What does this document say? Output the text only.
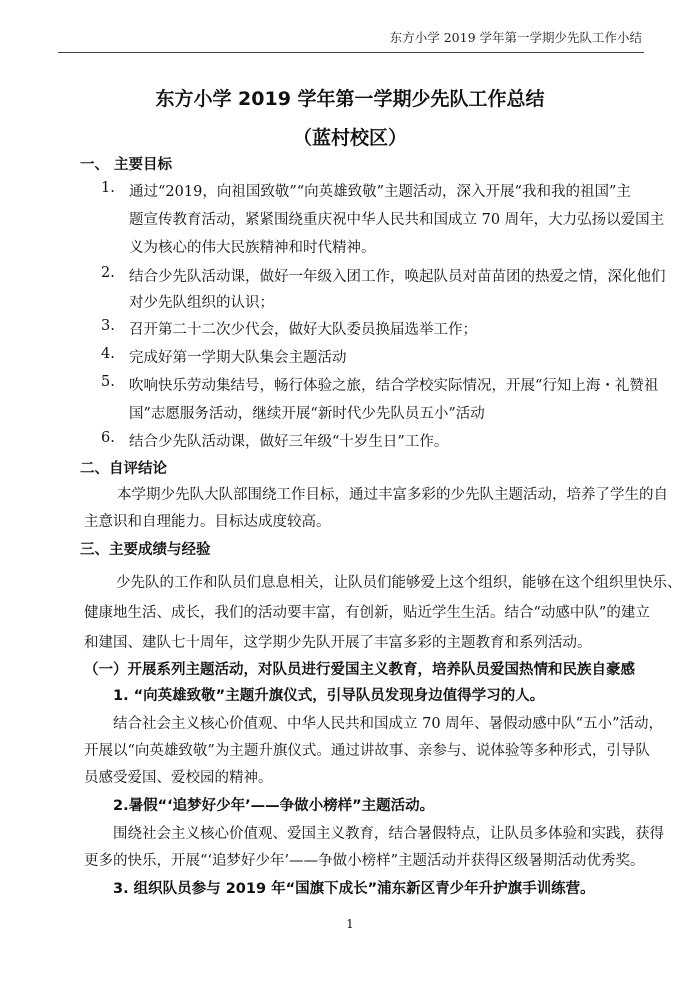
东方小学 2019 学年第一学期少先队工作小结
东方小学 2019 学年第一学期少先队工作总结
（蓝村校区）
一、 主要目标
1. 通过“2019，向祖国致敬”“向英雄致敬”主题活动，深入开展“我和我的祖国”主
题宣传教育活动，紧紧围绕重庆祝中华人民共和国成立 70 周年，大力弘扬以爱国主
义为核心的伟大民族精神和时代精神。
2. 结合少先队活动课，做好一年级入团工作，唤起队员对苗苗团的热爱之情，深化他们
对少先队组织的认识；
3. 召开第二十二次少代会，做好大队委员换届选举工作；
4. 完成好第一学期大队集会主题活动
5. 吹响快乐劳动集结号，畅行体验之旅，结合学校实际情况，开展“行知上海・礼赞祖
国”志愿服务活动，继续开展“新时代少先队员五小”活动
6. 结合少先队活动课，做好三年级“十岁生日”工作。
二、自评结论
本学期少先队大队部围绕工作目标，通过丰富多彩的少先队主题活动，培养了学生的自
主意识和自理能力。目标达成度较高。
三、主要成绩与经验
少先队的工作和队员们息息相关，让队员们能够爱上这个组织，能够在这个组织里快乐、
健康地生活、成长，我们的活动要丰富，有创新，贴近学生生活。结合“动感中队”的建立
和建国、建队七十周年，这学期少先队开展了丰富多彩的主题教育和系列活动。
（一）开展系列主题活动，对队员进行爱国主义教育，培养队员爱国热情和民族自豪感
1. “向英雄致敬”主题升旗仪式，引导队员发现身边值得学习的人。
结合社会主义核心价值观、中华人民共和国成立 70 周年、暑假动感中队“五小”活动，
开展以“向英雄致敬”为主题升旗仪式。通过讲故事、亲参与、说体验等多种形式，引导队
员感受爱国、爱校园的精神。
2.暑假“‘追梦好少年’——争做小榜样”主题活动。
围绕社会主义核心价值观、爱国主义教育，结合暑假特点，让队员多体验和实践，获得
更多的快乐，开展“‘追梦好少年’——争做小榜样”主题活动并获得区级暑期活动优秀奖。
3. 组织队员参与 2019 年“国旗下成长”浦东新区青少年升护旗手训练营。
1
